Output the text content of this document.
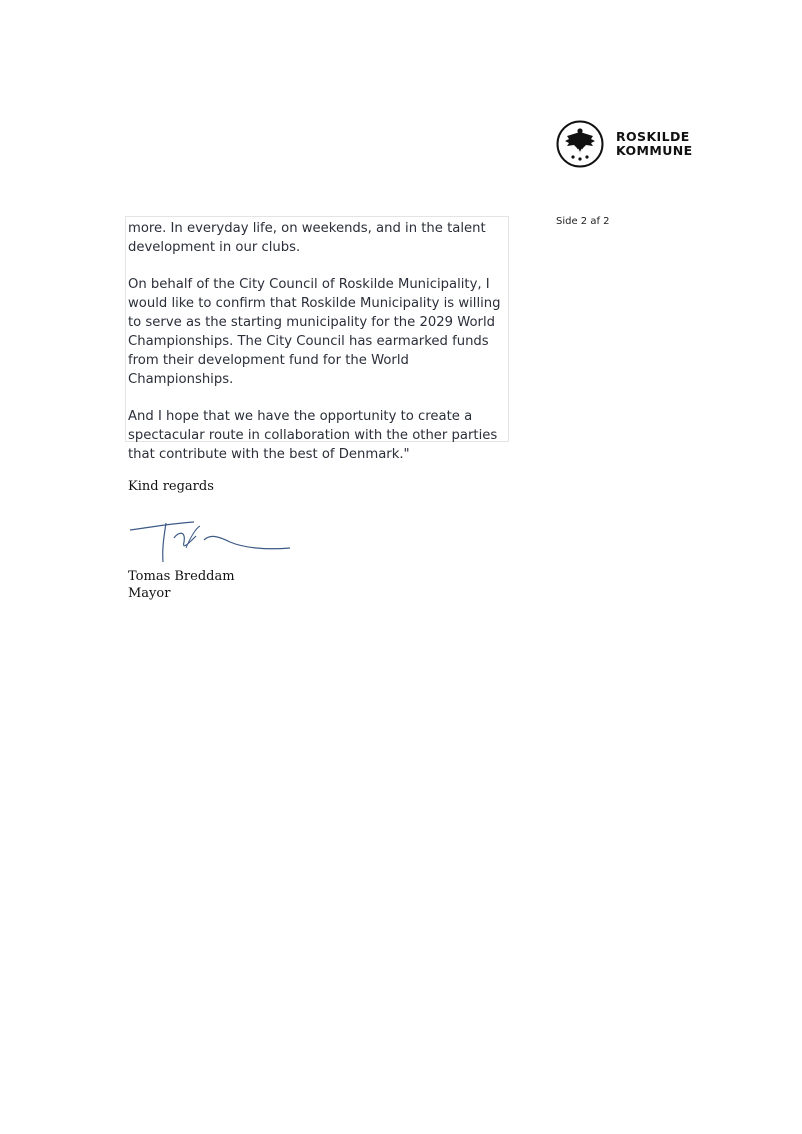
ROSKILDE
KOMMUNE
Side 2 af 2

more. In everyday life, on weekends, and in the talent development in our clubs.

On behalf of the City Council of Roskilde Municipality, I would like to confirm that Roskilde Municipality is willing to serve as the starting municipality for the 2029 World Championships. The City Council has earmarked funds from their development fund for the World Championships.

And I hope that we have the opportunity to create a spectacular route in collaboration with the other parties that contribute with the best of Denmark."

Kind regards
Tomas Breddam
Mayor
